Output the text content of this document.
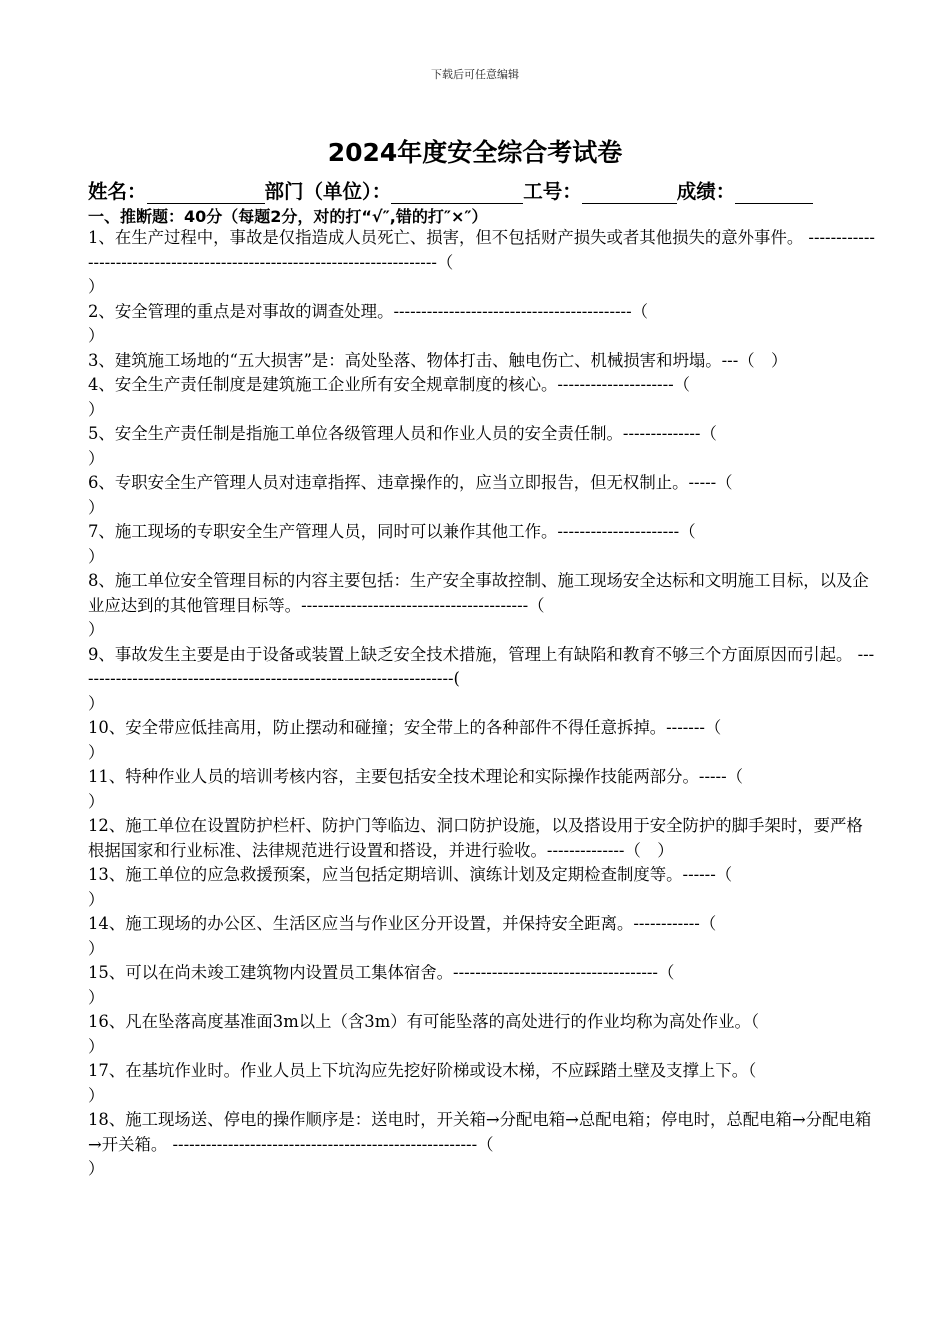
下载后可任意编辑
2024年度安全综合考试卷
姓名：	部门（单位）：	工号：	成绩：
一、推断题：40分（每题2分，对的打“√″,错的打″×″）

1、在生产过程中，事故是仅指造成人员死亡、损害，但不包括财产损失或者其他损失的意外事件。 ---------------------------------------------------------------------------（
）

2、安全管理的重点是对事故的调查处理。-------------------------------------------（
）

3、建筑施工场地的“五大损害”是：高处坠落、物体打击、触电伤亡、机械损害和坍塌。---（　）

4、安全生产责任制度是建筑施工企业所有安全规章制度的核心。---------------------（
）

5、安全生产责任制是指施工单位各级管理人员和作业人员的安全责任制。--------------（
）

6、专职安全生产管理人员对违章指挥、违章操作的，应当立即报告，但无权制止。-----（
）

7、施工现场的专职安全生产管理人员，同时可以兼作其他工作。----------------------（
）

8、施工单位安全管理目标的内容主要包括：生产安全事故控制、施工现场安全达标和文明施工目标，以及企业应达到的其他管理目标等。-----------------------------------------（
）

9、事故发生主要是由于设备或装置上缺乏安全技术措施，管理上有缺陷和教育不够三个方面原因而引起。 ---------------------------------------------------------------------(
）

10、安全带应低挂高用，防止摆动和碰撞；安全带上的各种部件不得任意拆掉。-------（
）

11、特种作业人员的培训考核内容，主要包括安全技术理论和实际操作技能两部分。-----（
）

12、施工单位在设置防护栏杆、防护门等临边、洞口防护设施，以及搭设用于安全防护的脚手架时，要严格根据国家和行业标准、法律规范进行设置和搭设，并进行验收。--------------（　）

13、施工单位的应急救援预案，应当包括定期培训、演练计划及定期检查制度等。------（
）

14、施工现场的办公区、生活区应当与作业区分开设置，并保持安全距离。------------（
）

15、可以在尚未竣工建筑物内设置员工集体宿舍。-------------------------------------（
）

16、凡在坠落高度基准面3m以上（含3m）有可能坠落的高处进行的作业均称为高处作业。（
）

17、在基坑作业时。作业人员上下坑沟应先挖好阶梯或设木梯，不应踩踏土壁及支撑上下。（
）

18、施工现场送、停电的操作顺序是：送电时，开关箱→分配电箱→总配电箱；停电时，总配电箱→分配电箱→开关箱。 -------------------------------------------------------（
）
